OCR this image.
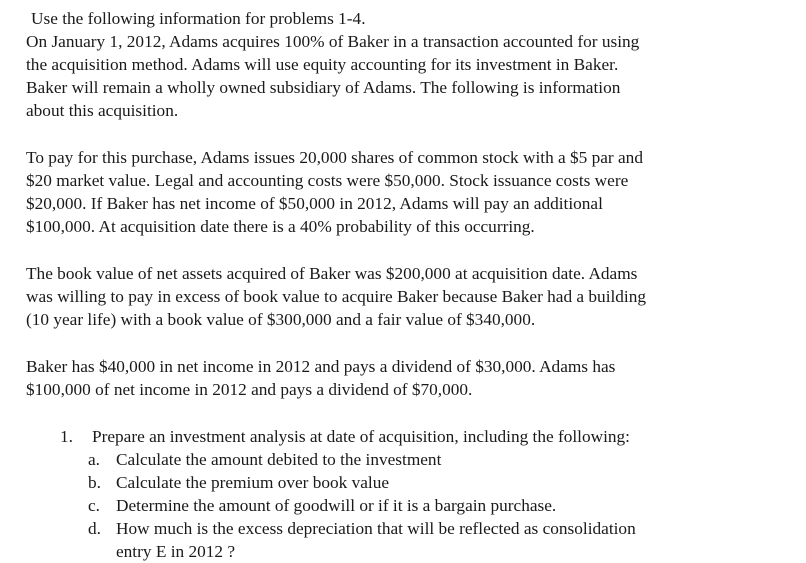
Use the following information for problems 1-4.
On January 1, 2012, Adams acquires 100% of Baker in a transaction accounted for using
the acquisition method. Adams will use equity accounting for its investment in Baker.
Baker will remain a wholly owned subsidiary of Adams. The following is information
about this acquisition.
To pay for this purchase, Adams issues 20,000 shares of common stock with a $5 par and
$20 market value. Legal and accounting costs were $50,000. Stock issuance costs were
$20,000. If Baker has net income of $50,000 in 2012, Adams will pay an additional
$100,000. At acquisition date there is a 40% probability of this occurring.
The book value of net assets acquired of Baker was $200,000 at acquisition date. Adams
was willing to pay in excess of book value to acquire Baker because Baker had a building
(10 year life) with a book value of $300,000 and a fair value of $340,000.
Baker has $40,000 in net income in 2012 and pays a dividend of $30,000. Adams has
$100,000 of net income in 2012 and pays a dividend of $70,000.
1. Prepare an investment analysis at date of acquisition, including the following:
a. Calculate the amount debited to the investment
b. Calculate the premium over book value
c. Determine the amount of goodwill or if it is a bargain purchase.
d. How much is the excess depreciation that will be reflected as consolidation
entry E in 2012 ?
